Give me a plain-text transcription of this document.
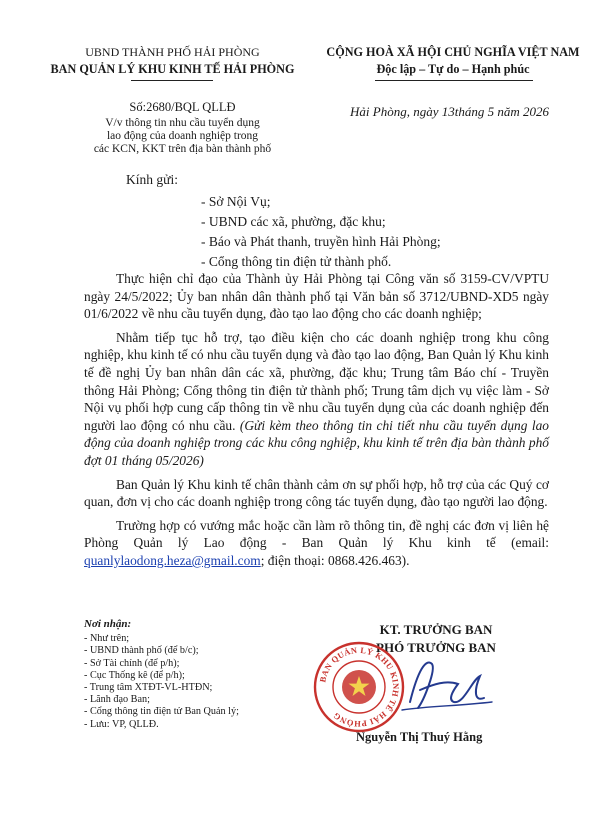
UBND THÀNH PHỐ HẢI PHÒNG
BAN QUẢN LÝ KHU KINH TẾ HẢI PHÒNG
CỘNG HOÀ XÃ HỘI CHỦ NGHĨA VIỆT NAM
Độc lập – Tự do – Hạnh phúc
Số:2680/BQL QLLĐ
V/v thông tin nhu cầu tuyển dụng
lao động của doanh nghiệp trong
các KCN, KKT trên địa bàn thành phố
Hải Phòng, ngày 13tháng 5 năm 2026
Kính gửi:
- Sở Nội Vụ;
- UBND các xã, phường, đặc khu;
- Báo và Phát thanh, truyền hình Hải Phòng;
- Cổng thông tin điện tử thành phố.

Thực hiện chỉ đạo của Thành ủy Hải Phòng tại Công văn số 3159-CV/VPTU ngày 24/5/2022; Ủy ban nhân dân thành phố tại Văn bản số 3712/UBND-XD5 ngày 01/6/2022 về nhu cầu tuyển dụng, đào tạo lao động cho các doanh nghiệp;

Nhằm tiếp tục hỗ trợ, tạo điều kiện cho các doanh nghiệp trong khu công nghiệp, khu kinh tế có nhu cầu tuyển dụng và đào tạo lao động, Ban Quản lý Khu kinh tế đề nghị Ủy ban nhân dân các xã, phường, đặc khu; Trung tâm Báo chí - Truyền thông Hải Phòng; Cổng thông tin điện tử thành phố; Trung tâm dịch vụ việc làm - Sở Nội vụ phối hợp cung cấp thông tin về nhu cầu tuyển dụng của các doanh nghiệp đến người lao động có nhu cầu. (Gửi kèm theo thông tin chi tiết nhu cầu tuyển dụng lao động của doanh nghiệp trong các khu công nghiệp, khu kinh tế trên địa bàn thành phố đợt 01 tháng 05/2026)

Ban Quản lý Khu kinh tế chân thành cảm ơn sự phối hợp, hỗ trợ của các Quý cơ quan, đơn vị cho các doanh nghiệp trong công tác tuyển dụng, đào tạo người lao động.

Trường hợp có vướng mắc hoặc cần làm rõ thông tin, đề nghị các đơn vị liên hệ Phòng Quản lý Lao động - Ban Quản lý Khu kinh tế (email: quanlylaodong.heza@gmail.com; điện thoại: 0868.426.463).

Nơi nhận:
- Như trên;
- UBND thành phố (để b/c);
- Sở Tài chính (để p/h);
- Cục Thống kê (để p/h);
- Trung tâm XTĐT-VL-HTĐN;
- Lãnh đạo Ban;
- Cổng thông tin điện tử Ban Quản lý;
- Lưu: VP, QLLĐ.
KT. TRƯỞNG BAN
PHÓ TRƯỞNG BAN
BAN QUẢN LÝ KHU KINH TẾ HẢI PHÒNG
Nguyễn Thị Thuý Hằng
